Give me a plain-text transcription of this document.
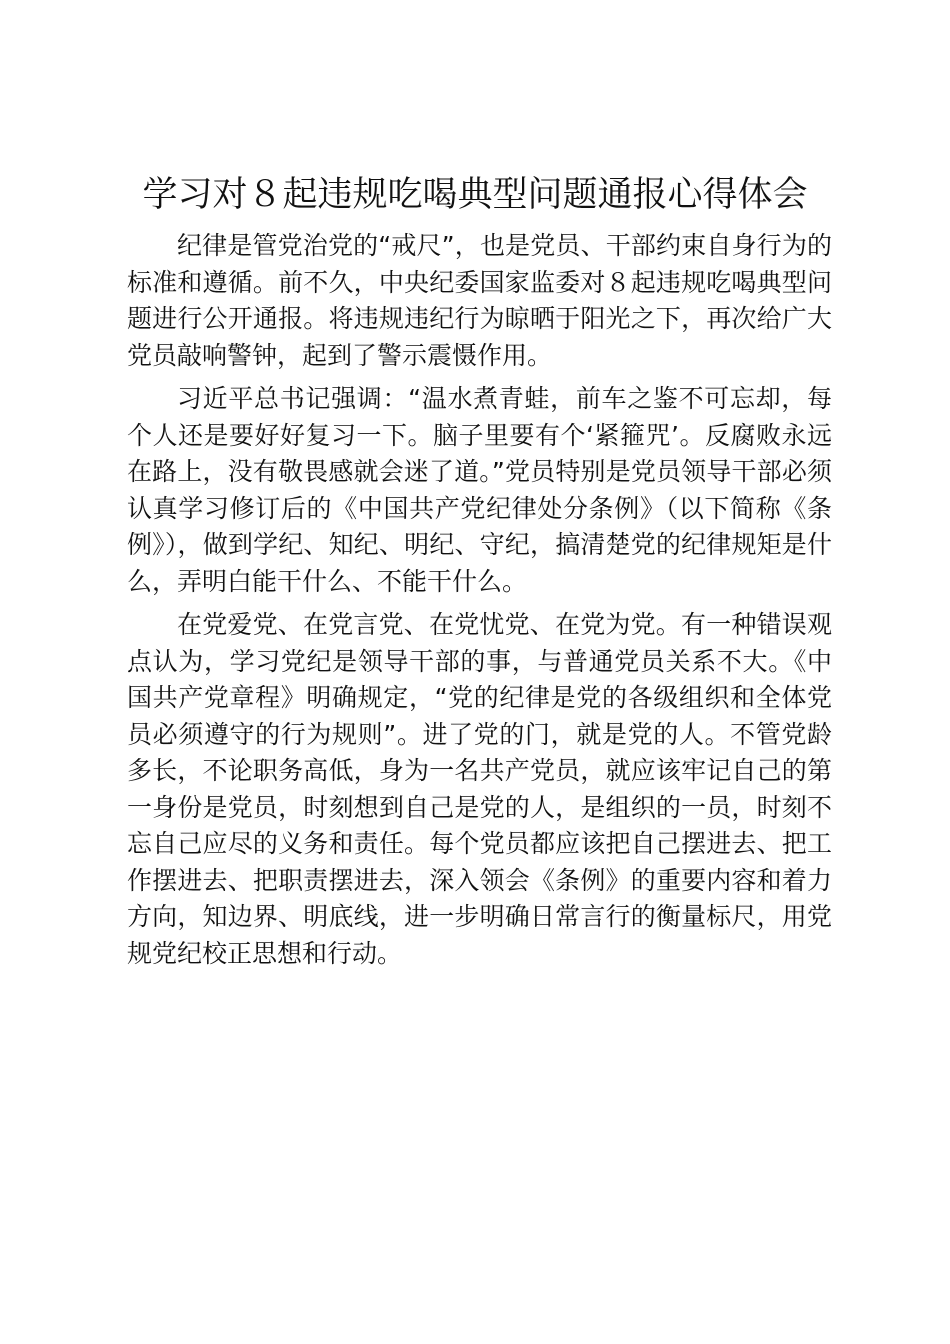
学习对８起违规吃喝典型问题通报心得体会

纪律是管党治党的“戒尺”，也是党员、干部约束自身行为的标准和遵循。前不久，中央纪委国家监委对８起违规吃喝典型问题进行公开通报。将违规违纪行为晾晒于阳光之下，再次给广大党员敲响警钟，起到了警示震慑作用。

习近平总书记强调：“温水煮青蛙，前车之鉴不可忘却，每个人还是要好好复习一下。脑子里要有个‘紧箍咒’。反腐败永远在路上，没有敬畏感就会迷了道。”党员特别是党员领导干部必须认真学习修订后的《中国共产党纪律处分条例》（以下简称《条例》），做到学纪、知纪、明纪、守纪，搞清楚党的纪律规矩是什么，弄明白能干什么、不能干什么。

在党爱党、在党言党、在党忧党、在党为党。有一种错误观点认为，学习党纪是领导干部的事，与普通党员关系不大。《中国共产党章程》明确规定，“党的纪律是党的各级组织和全体党员必须遵守的行为规则”。进了党的门，就是党的人。不管党龄多长，不论职务高低，身为一名共产党员，就应该牢记自己的第一身份是党员，时刻想到自己是党的人，是组织的一员，时刻不忘自己应尽的义务和责任。每个党员都应该把自己摆进去、把工作摆进去、把职责摆进去，深入领会《条例》的重要内容和着力方向，知边界、明底线，进一步明确日常言行的衡量标尺，用党规党纪校正思想和行动。
